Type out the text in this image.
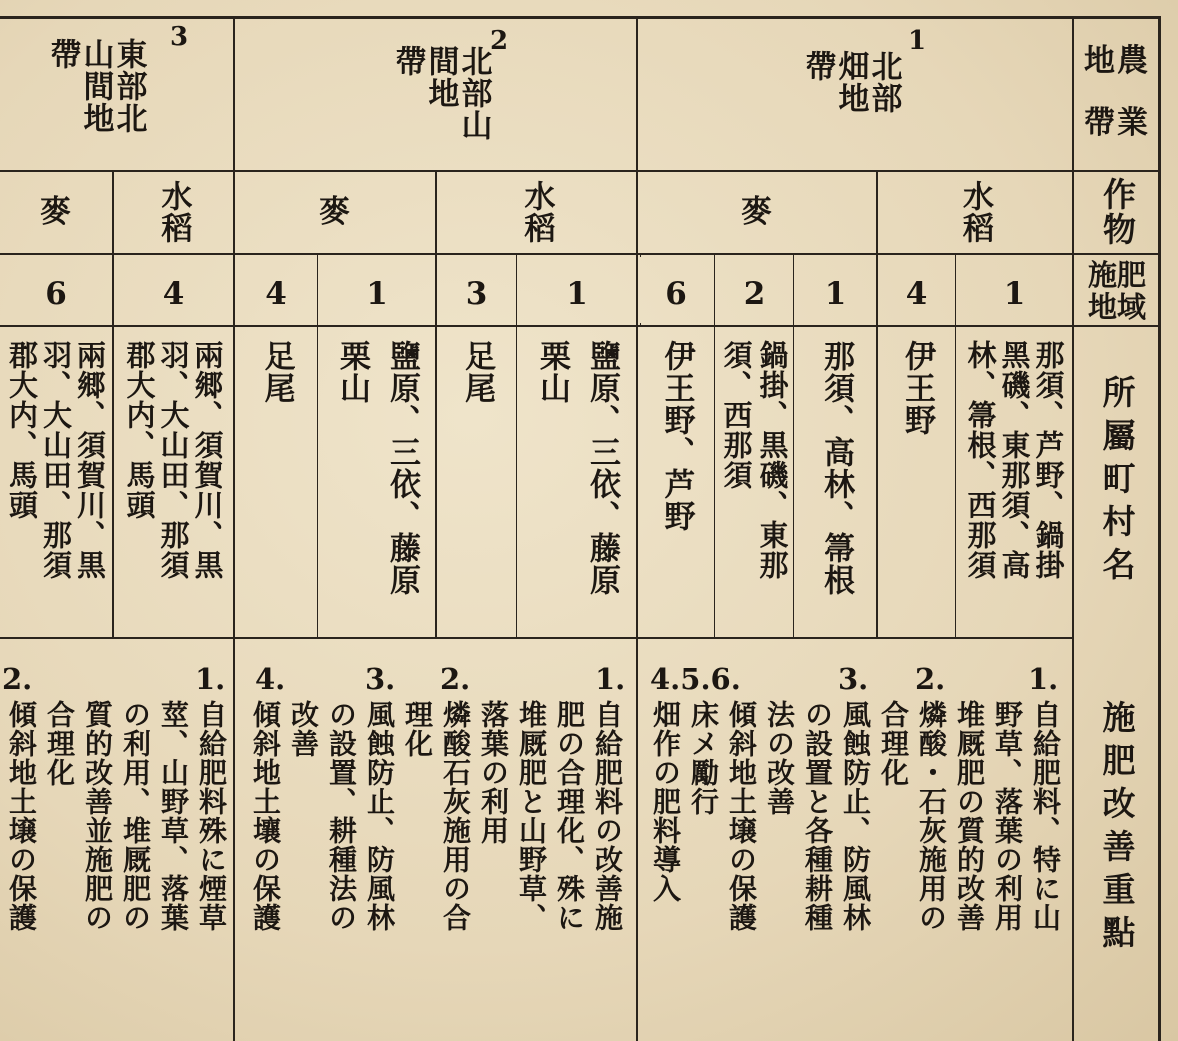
地農
帶業
作物
施肥地域
所屬町村名
施肥改善重點
1
北部
畑地
帶
2
北部山
間地
帶
3
東部北
山間地
帶
水稻
麥
水稻
麥
水稻
麥
1
4
1
2
6
1
3
1
4
4
6
那須、芦野、鍋掛
黑磯、東那須、高
林、箒根、西那須
伊王野
那須、高林、箒根
鍋掛、黒磯、東那
須、西那須
伊王野、芦野
鹽原、三依、藤原
栗山
足尾
鹽原、三依、藤原
栗山
足尾
兩郷、須賀川、黒
羽、大山田、那須
郡大内、馬頭
兩郷、須賀川、黒
羽、大山田、那須
郡大内、馬頭
1.
2.
3.
4.5.6.
自給肥料、特に山
野草、落葉の利用
堆厩肥の質的改善
燐酸・石灰施用の
合理化
風蝕防止、防風林
の設置と各種耕種
法の改善
傾斜地土壌の保護
床メ勵行
畑作の肥料導入
1.
2.
3.
4.
自給肥料の改善施
肥の合理化、殊に
堆厩肥と山野草、
落葉の利用
燐酸石灰施用の合
理化
風蝕防止、防風林
の設置、耕種法の
改善
傾斜地土壤の保護
1.
2.
自給肥料殊に煙草
莖、山野草、落葉
の利用、堆厩肥の
質的改善並施肥の
合理化
傾斜地土壌の保護
